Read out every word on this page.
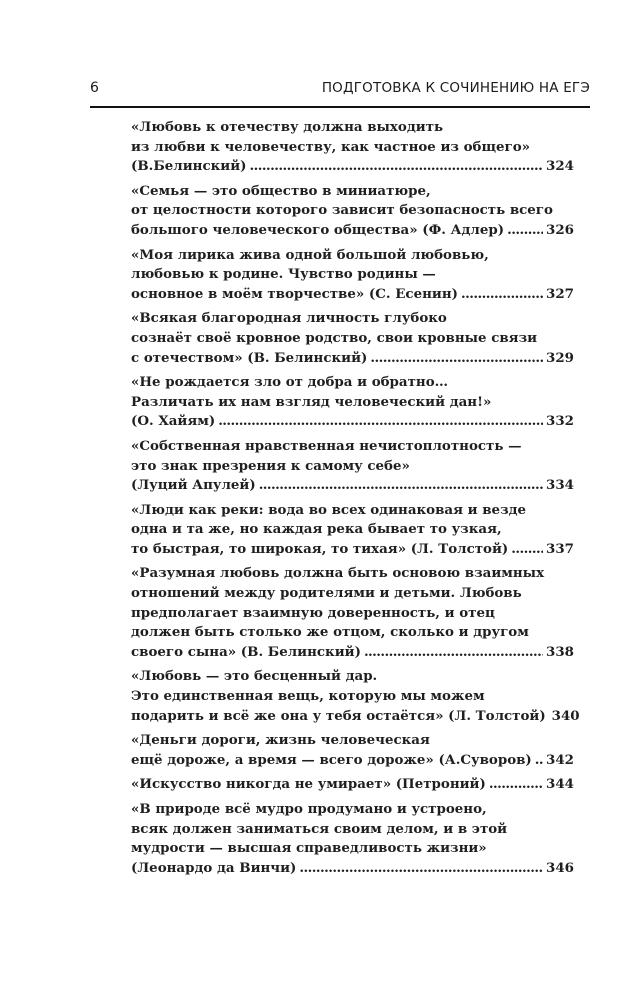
6	ПОДГОТОВКА К СОЧИНЕНИЮ НА ЕГЭ
«Любовь к отечеству должна выходить
из любви к человечеству, как частное из общего»
(В.Белинский) . . .	324
«Семья — это общество в миниатюре,
от целостности которого зависит безопасность всего
большого человеческого общества» (Ф. Адлер) . . .	326
«Моя лирика жива одной большой любовью,
любовью к родине. Чувство родины —
основное в моём творчестве» (С. Есенин) . . .	327
«Всякая благородная личность глубоко
сознаёт своё кровное родство, свои кровные связи
с отечеством» (В. Белинский) . . .	329
«Не рождается зло от добра и обратно…
Различать их нам взгляд человеческий дан!»
(О. Хайям) . . .	332
«Собственная нравственная нечистоплотность —
это знак презрения к самому себе»
(Луций Апулей) . . .	334
«Люди как реки: вода во всех одинаковая и везде
одна и та же, но каждая река бывает то узкая,
то быстрая, то широкая, то тихая» (Л. Толстой) . . .	337
«Разумная любовь должна быть основою взаимных
отношений между родителями и детьми. Любовь
предполагает взаимную доверенность, и отец
должен быть столько же отцом, сколько и другом
своего сына» (В. Белинский) . . .	338
«Любовь — это бесценный дар.
Это единственная вещь, которую мы можем
подарить и всё же она у тебя остаётся» (Л. Толстой) 340
«Деньги дороги, жизнь человеческая
ещё дороже, а время — всего дороже» (А.Суворов) . . . 342
«Искусство никогда не умирает» (Петроний) . . .	344
«В природе всё мудро продумано и устроено,
всяк должен заниматься своим делом, и в этой
мудрости — высшая справедливость жизни»
(Леонардо да Винчи) . . .	346
